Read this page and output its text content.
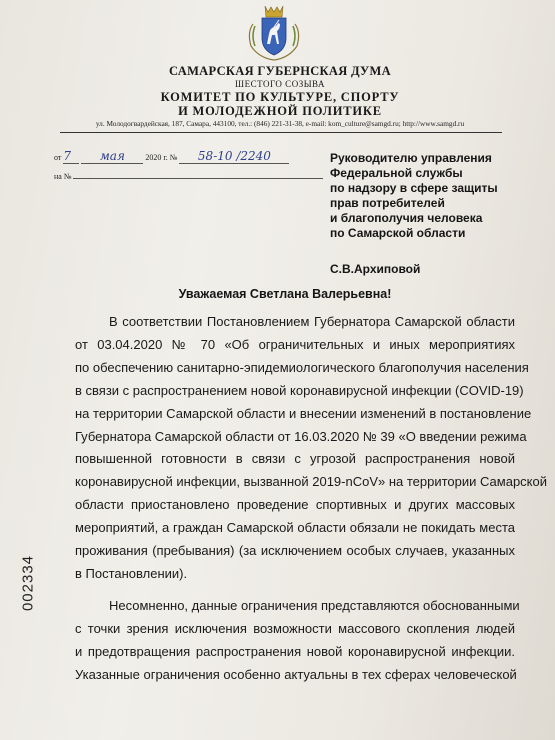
САМАРСКАЯ ГУБЕРНСКАЯ ДУМА
ШЕСТОГО СОЗЫВА
КОМИТЕТ ПО КУЛЬТУРЕ, СПОРТУ
И МОЛОДЕЖНОЙ ПОЛИТИКЕ
ул. Молодогвардейская, 187, Самара, 443100, тел.: (846) 221-31-38, e-mail: kom_culture@samgd.ru; http://www.samgd.ru
от 7 мая	2020 г. № 58-10 /2240
на №
Руководителю управления
Федеральной службы
по надзору в сфере защиты
прав потребителей
и благополучия человека
по Самарской области
С.В.Архиповой
Уважаемая Светлана Валерьевна!

В соответствии Постановлением Губернатора Самарской области
от 03.04.2020 № 70 «Об ограничительных и иных мероприятиях
по обеспечению санитарно-эпидемиологического благополучия населения
в связи с распространением новой коронавирусной инфекции (COVID-19)
на территории Самарской области и внесении изменений в постановление
Губернатора Самарской области от 16.03.2020 № 39 «О введении режима
повышенной готовности в связи с угрозой распространения новой
коронавирусной инфекции, вызванной 2019-nCoV» на территории Самарской
области приостановлено проведение спортивных и других массовых
мероприятий, а граждан Самарской области обязали не покидать места
проживания (пребывания) (за исключением особых случаев, указанных
в Постановлении).

Несомненно, данные ограничения представляются обоснованными
с точки зрения исключения возможности массового скопления людей
и предотвращения распространения новой коронавирусной инфекции.
Указанные ограничения особенно актуальны в тех сферах человеческой

002334
